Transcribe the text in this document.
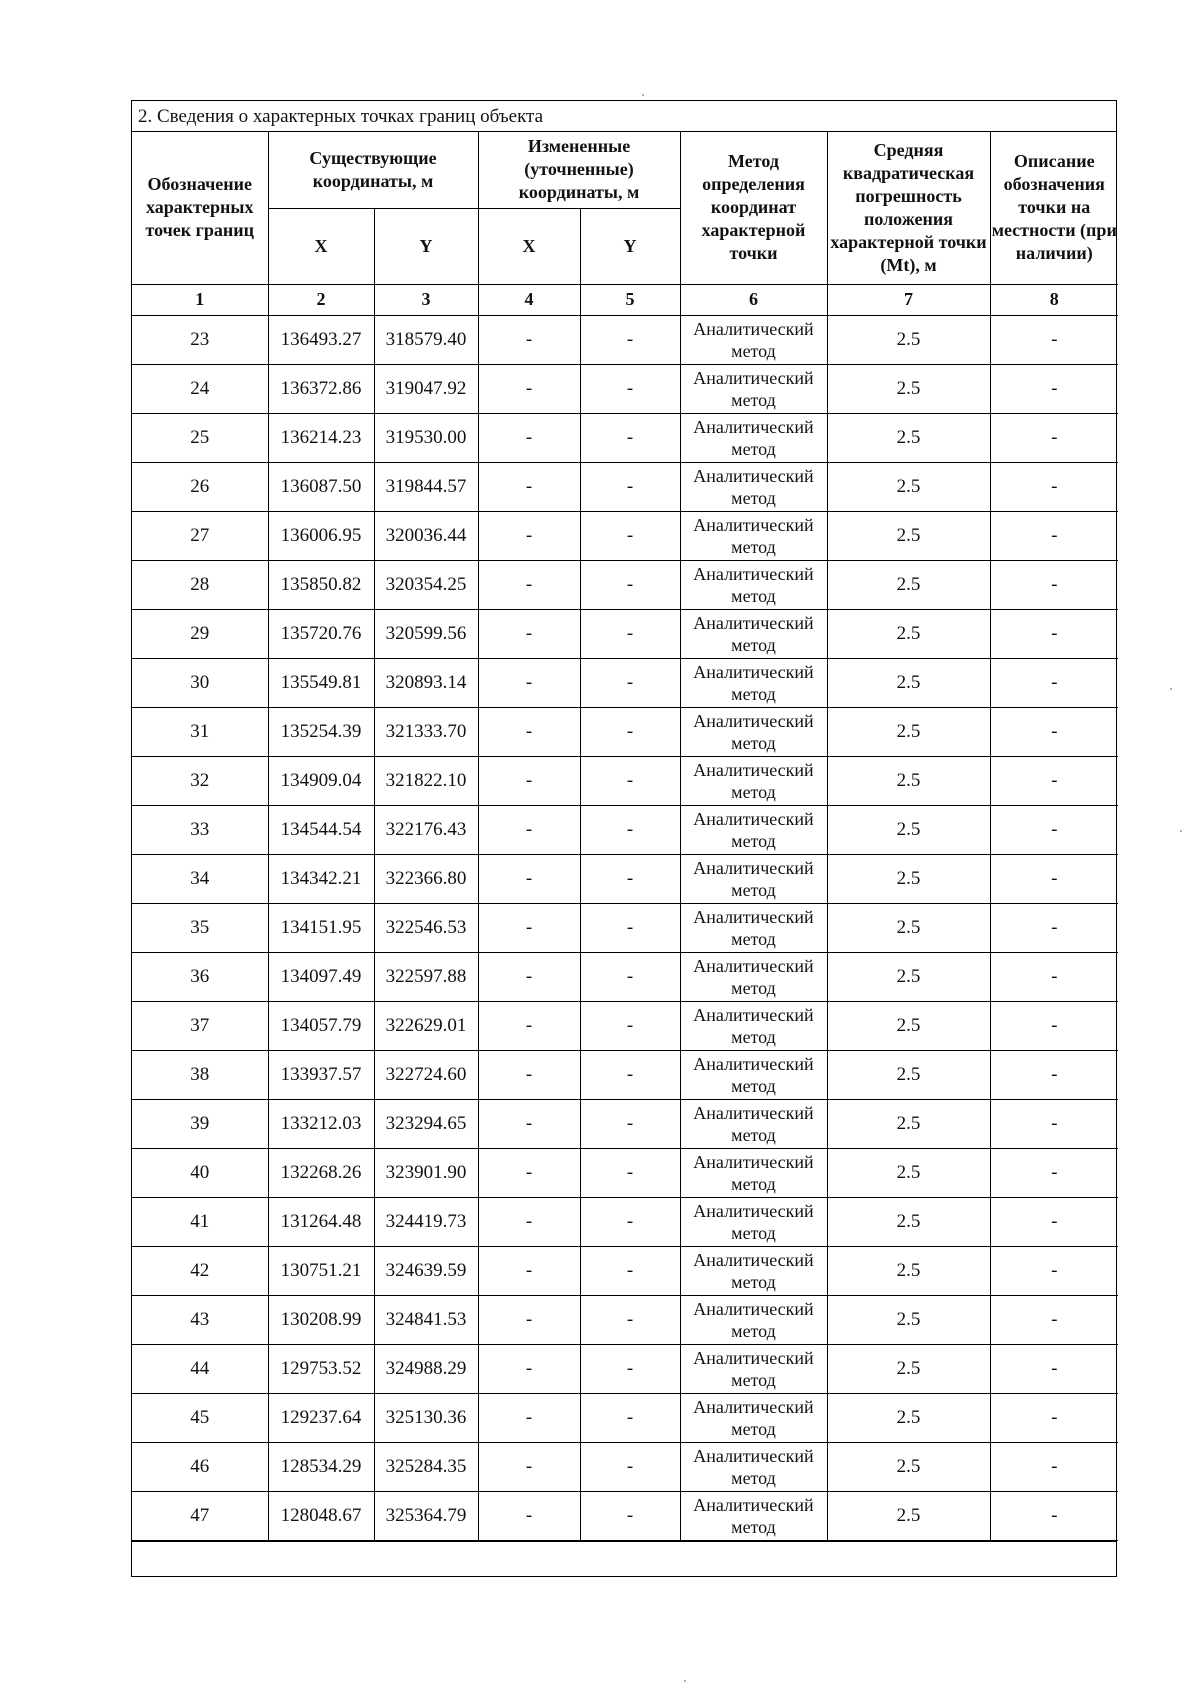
2. Сведения о характерных точках границ объекта
Обозначение характерных точек границ	Существующие координаты, м		Измененные (уточненные) координаты, м		Метод определения координат характерной точки	Средняя квадратическая погрешность положения характерной точки (Mt), м	Описание обозначения точки на местности (при наличии)
	X	Y	X	Y			
1	2	3	4	5	6	7	8
23	136493.27	318579.40	-	-	Аналитический метод	2.5	-
24	136372.86	319047.92	-	-	Аналитический метод	2.5	-
25	136214.23	319530.00	-	-	Аналитический метод	2.5	-
26	136087.50	319844.57	-	-	Аналитический метод	2.5	-
27	136006.95	320036.44	-	-	Аналитический метод	2.5	-
28	135850.82	320354.25	-	-	Аналитический метод	2.5	-
29	135720.76	320599.56	-	-	Аналитический метод	2.5	-
30	135549.81	320893.14	-	-	Аналитический метод	2.5	-
31	135254.39	321333.70	-	-	Аналитический метод	2.5	-
32	134909.04	321822.10	-	-	Аналитический метод	2.5	-
33	134544.54	322176.43	-	-	Аналитический метод	2.5	-
34	134342.21	322366.80	-	-	Аналитический метод	2.5	-
35	134151.95	322546.53	-	-	Аналитический метод	2.5	-
36	134097.49	322597.88	-	-	Аналитический метод	2.5	-
37	134057.79	322629.01	-	-	Аналитический метод	2.5	-
38	133937.57	322724.60	-	-	Аналитический метод	2.5	-
39	133212.03	323294.65	-	-	Аналитический метод	2.5	-
40	132268.26	323901.90	-	-	Аналитический метод	2.5	-
41	131264.48	324419.73	-	-	Аналитический метод	2.5	-
42	130751.21	324639.59	-	-	Аналитический метод	2.5	-
43	130208.99	324841.53	-	-	Аналитический метод	2.5	-
44	129753.52	324988.29	-	-	Аналитический метод	2.5	-
45	129237.64	325130.36	-	-	Аналитический метод	2.5	-
46	128534.29	325284.35	-	-	Аналитический метод	2.5	-
47	128048.67	325364.79	-	-	Аналитический метод	2.5	-
